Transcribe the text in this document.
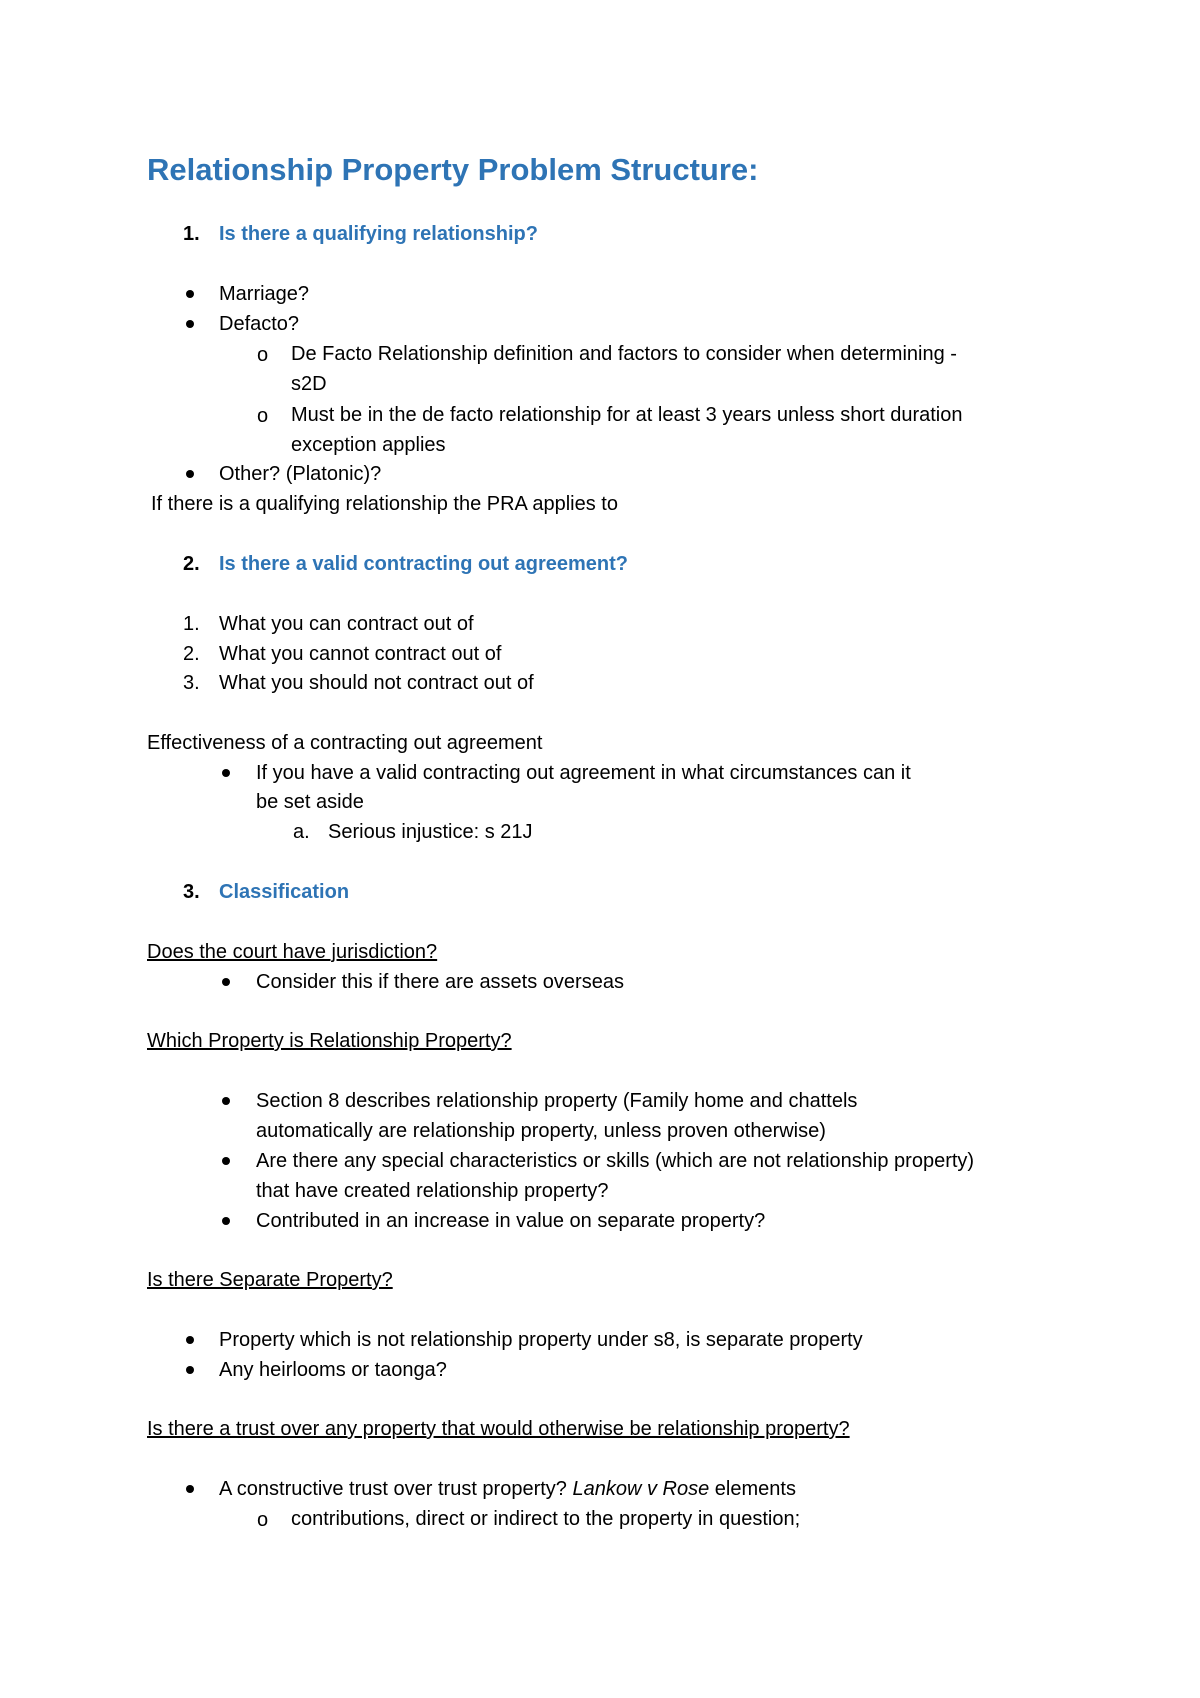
Relationship Property Problem Structure:
1. Is there a qualifying relationship?
Marriage?
Defacto?
o De Facto Relationship definition and factors to consider when determining -
s2D
o Must be in the de facto relationship for at least 3 years unless short duration
exception applies
Other? (Platonic)?
If there is a qualifying relationship the PRA applies to
2. Is there a valid contracting out agreement?
1. What you can contract out of
2. What you cannot contract out of
3. What you should not contract out of
Effectiveness of a contracting out agreement
If you have a valid contracting out agreement in what circumstances can it
be set aside
a. Serious injustice: s 21J
3. Classification
Does the court have jurisdiction?
Consider this if there are assets overseas
Which Property is Relationship Property?
Section 8 describes relationship property (Family home and chattels
automatically are relationship property, unless proven otherwise)
Are there any special characteristics or skills (which are not relationship property)
that have created relationship property?
Contributed in an increase in value on separate property?
Is there Separate Property?
Property which is not relationship property under s8, is separate property
Any heirlooms or taonga?
Is there a trust over any property that would otherwise be relationship property?
A constructive trust over trust property? Lankow v Rose elements
o contributions, direct or indirect to the property in question;
